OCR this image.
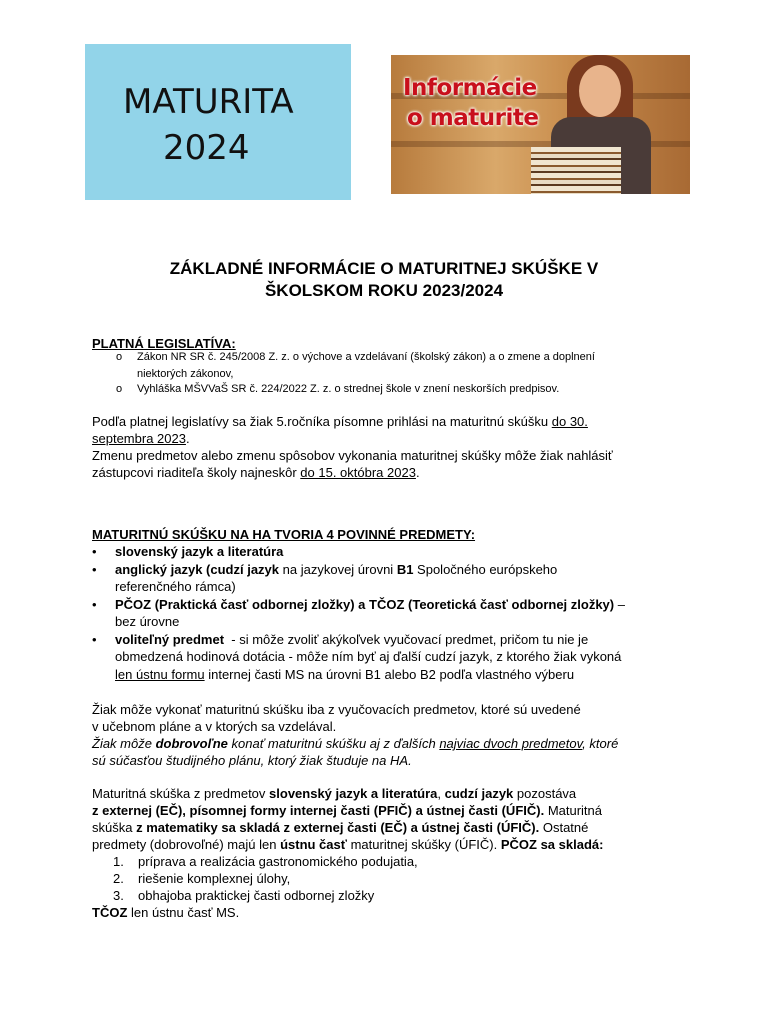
MATURITA
2024
Informácie
o maturite
ZÁKLADNÉ INFORMÁCIE O MATURITNEJ SKÚŠKE V
ŠKOLSKOM ROKU 2023/2024
PLATNÁ LEGISLATÍVA:
o Zákon NR SR č. 245/2008 Z. z. o výchove a vzdelávaní (školský zákon) a o zmene a doplnení
niektorých zákonov,
o Vyhláška MŠVVaŠ SR č. 224/2022 Z. z. o strednej škole v znení neskorších predpisov.
Podľa platnej legislatívy sa žiak 5.ročníka písomne prihlási na maturitnú skúšku do 30.
septembra 2023.
Zmenu predmetov alebo zmenu spôsobov vykonania maturitnej skúšky môže žiak nahlásiť
zástupcovi riaditeľa školy najneskôr do 15. októbra 2023.
MATURITNÚ SKÚŠKU NA HA TVORIA 4 POVINNÉ PREDMETY:
• slovenský jazyk a literatúra
• anglický jazyk (cudzí jazyk na jazykovej úrovni B1 Spoločného európskeho
referenčného rámca)
• PČOZ (Praktická časť odbornej zložky) a TČOZ (Teoretická časť odbornej zložky) –
bez úrovne
• voliteľný predmet  - si môže zvoliť akýkoľvek vyučovací predmet, pričom tu nie je
obmedzená hodinová dotácia - môže ním byť aj ďalší cudzí jazyk, z ktorého žiak vykoná
len ústnu formu internej časti MS na úrovni B1 alebo B2 podľa vlastného výberu
Žiak môže vykonať maturitnú skúšku iba z vyučovacích predmetov, ktoré sú uvedené
v učebnom pláne a v ktorých sa vzdelával.
Žiak môže dobrovoľne konať maturitnú skúšku aj z ďalších najviac dvoch predmetov, ktoré
sú súčasťou študijného plánu, ktorý žiak študuje na HA.
Maturitná skúška z predmetov slovenský jazyk a literatúra, cudzí jazyk pozostáva
z externej (EČ), písomnej formy internej časti (PFIČ) a ústnej časti (ÚFIČ). Maturitná
skúška z matematiky sa skladá z externej časti (EČ) a ústnej časti (ÚFIČ). Ostatné
predmety (dobrovoľné) majú len ústnu časť maturitnej skúšky (ÚFIČ). PČOZ sa skladá:
1. príprava a realizácia gastronomického podujatia,
2. riešenie komplexnej úlohy,
3. obhajoba praktickej časti odbornej zložky
TČOZ len ústnu časť MS.
